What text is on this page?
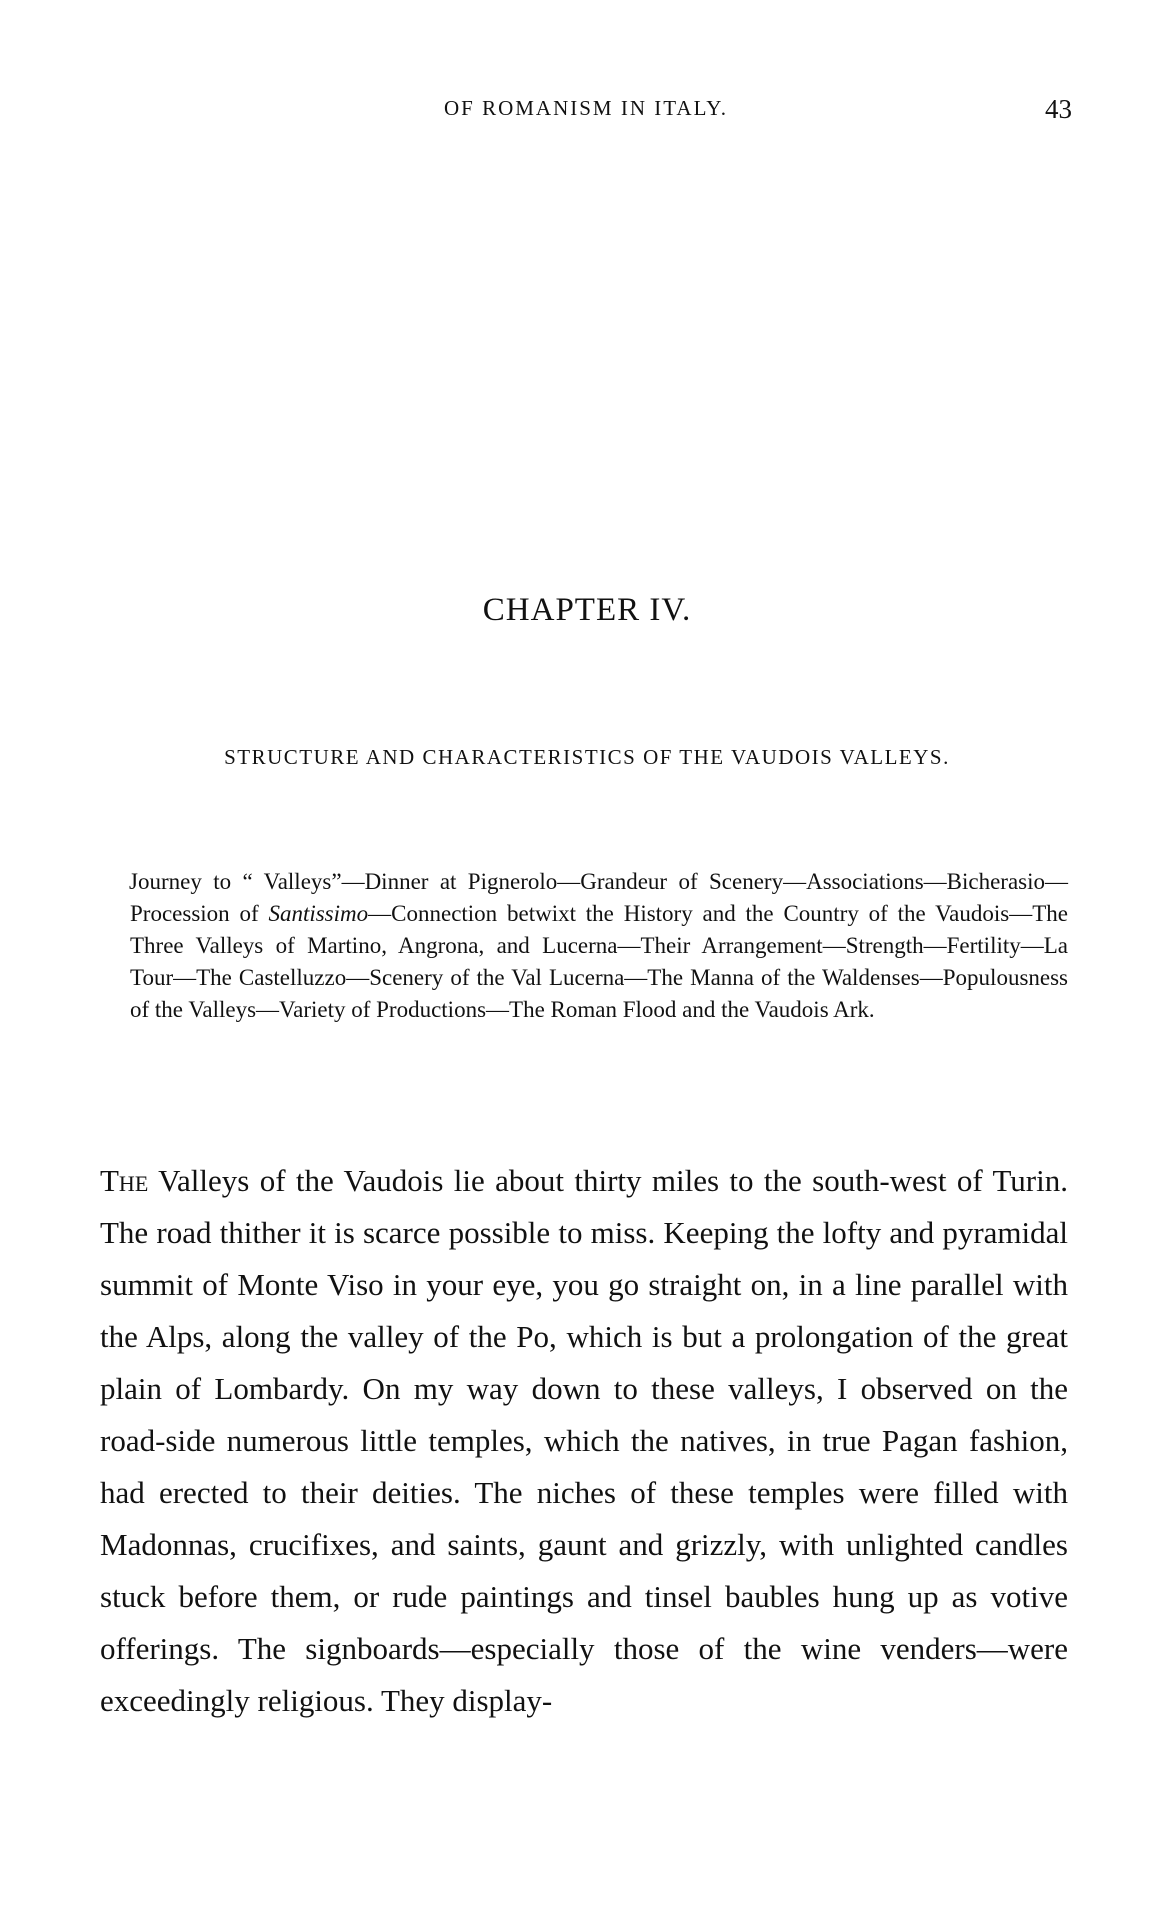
OF ROMANISM IN ITALY.	43
CHAPTER IV.
STRUCTURE AND CHARACTERISTICS OF THE VAUDOIS VALLEYS.

Journey to “ Valleys”—Dinner at Pignerolo—Grandeur of Scenery—Associations—Bicherasio—Procession of Santissimo—Connection betwixt the History and the Country of the Vaudois—The Three Valleys of Martino, Angrona, and Lucerna—Their Arrangement—Strength—Fertility—La Tour—The Castelluzzo—Scenery of the Val Lucerna—The Manna of the Waldenses—Populousness of the Valleys—Variety of Productions—The Roman Flood and the Vaudois Ark.

The Valleys of the Vaudois lie about thirty miles to the south-west of Turin. The road thither it is scarce possible to miss. Keeping the lofty and pyramidal summit of Monte Viso in your eye, you go straight on, in a line parallel with the Alps, along the valley of the Po, which is but a prolongation of the great plain of Lombardy. On my way down to these valleys, I observed on the road-side numerous little temples, which the natives, in true Pagan fashion, had erected to their deities. The niches of these temples were filled with Madonnas, crucifixes, and saints, gaunt and grizzly, with unlighted candles stuck before them, or rude paintings and tinsel baubles hung up as votive offerings. The signboards—especially those of the wine venders—were exceedingly religious. They display-
